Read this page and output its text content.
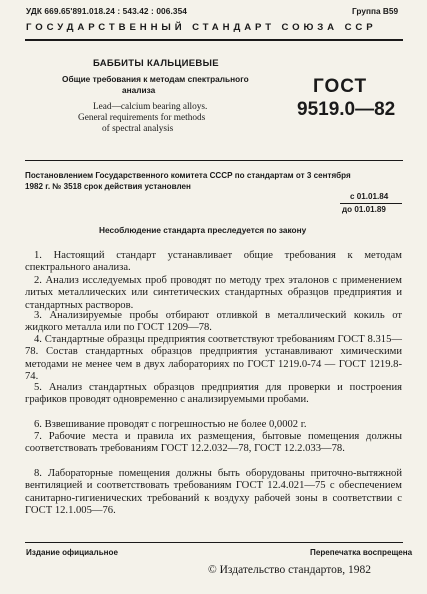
УДК 669.65'891.018.24 : 543.42 : 006.354	Группа В59
ГОСУДАРСТВЕННЫЙ СТАНДАРТ СОЮЗА ССР
БАББИТЫ КАЛЬЦИЕВЫЕ
Общие требования к методам спектрального
анализа
Lead—calcium bearing alloys.
General requirements for methods
of spectral analysis
ГОСТ
9519.0—82
Постановлением Государственного комитета СССР по стандартам от 3 сентября
1982 г. № 3518 срок действия установлен
с 01.01.84
до 01.01.89
Несоблюдение стандарта преследуется по закону

1. Настоящий стандарт устанавливает общие требования к методам спектрального анализа.

2. Анализ исследуемых проб проводят по методу трех эталонов с применением литых металлических или синтетических стандартных образцов предприятия и стандартных растворов.

3. Анализируемые пробы отбирают отливкой в металлический кокиль от жидкого металла или по ГОСТ 1209—78.

4. Стандартные образцы предприятия соответствуют требованиям ГОСТ 8.315—78. Состав стандартных образцов предприятия устанавливают химическими методами не менее чем в двух лабораториях по ГОСТ 1219.0-74 — ГОСТ 1219.8-74.

5. Анализ стандартных образцов предприятия для проверки и построения графиков проводят одновременно с анализируемыми пробами.

6. Взвешивание проводят с погрешностью не более 0,0002 г.

7. Рабочие места и правила их размещения, бытовые помещения должны соответствовать требованиям ГОСТ 12.2.032—78, ГОСТ 12.2.033—78.

8. Лабораторные помещения должны быть оборудованы приточно-вытяжной вентиляцией и соответствовать требованиям ГОСТ 12.4.021—75 с обеспечением санитарно-гигиенических требований к воздуху рабочей зоны в соответствии с ГОСТ 12.1.005—76.

Издание официальное	Перепечатка воспрещена
© Издательство стандартов, 1982
